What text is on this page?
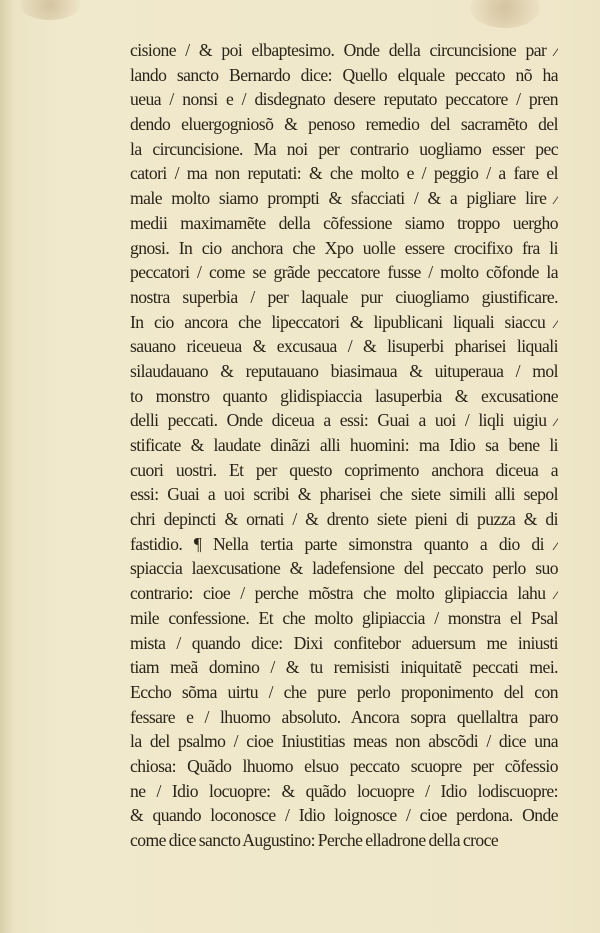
cisione / & poi elbaptesimo. Onde della circuncisione par ⁄
lando sancto Bernardo dice: Quello elquale peccato nõ ha
ueua / nonsi e / disdegnato desere reputato peccatore / pren
dendo eluergogniosõ & penoso remedio del sacramẽto del
la circuncisione. Ma noi per contrario uogliamo esser pec
catori / ma non reputati: & che molto e / peggio / a fare el
male molto siamo prompti & sfacciati / & a pigliare lire ⁄
medii maximamẽte della cõfessione siamo troppo uergho
gnosi. In cio anchora che Xpo uolle essere crocifixo fra li
peccatori / come se grãde peccatore fusse / molto cõfonde la
nostra superbia / per laquale pur ciuogliamo giustificare.
In cio ancora che lipeccatori & lipublicani liquali siaccu ⁄
sauano riceueua & excusaua / & lisuperbi pharisei liquali
silaudauano & reputauano biasimaua & uituperaua / mol
to monstro quanto glidispiaccia lasuperbia & excusatione
delli peccati. Onde diceua a essi: Guai a uoi / liqli uigiu ⁄
stificate & laudate dinãzi alli huomini: ma Idio sa bene li
cuori uostri. Et per questo coprimento anchora diceua a
essi: Guai a uoi scribi & pharisei che siete simili alli sepol
chri depincti & ornati / & drento siete pieni di puzza & di
fastidio. ¶ Nella tertia parte simonstra quanto a dio di ⁄
spiaccia laexcusatione & ladefensione del peccato perlo suo
contrario: cioe / perche mõstra che molto glipiaccia lahu ⁄
mile confessione. Et che molto glipiaccia / monstra el Psal
mista / quando dice: Dixi confitebor aduersum me iniusti
tiam meã domino / & tu remisisti iniquitatẽ peccati mei.
Eccho sõma uirtu / che pure perlo proponimento del con
fessare e / lhuomo absoluto. Ancora sopra quellaltra paro
la del psalmo / cioe Iniustitias meas non abscõdi / dice una
chiosa: Quãdo lhuomo elsuo peccato scuopre per cõfessio
ne / Idio locuopre: & quãdo locuopre / Idio lodiscuopre:
& quando loconosce / Idio loignosce / cioe perdona. Onde
come dice sancto Augustino: Perche elladrone della croce
